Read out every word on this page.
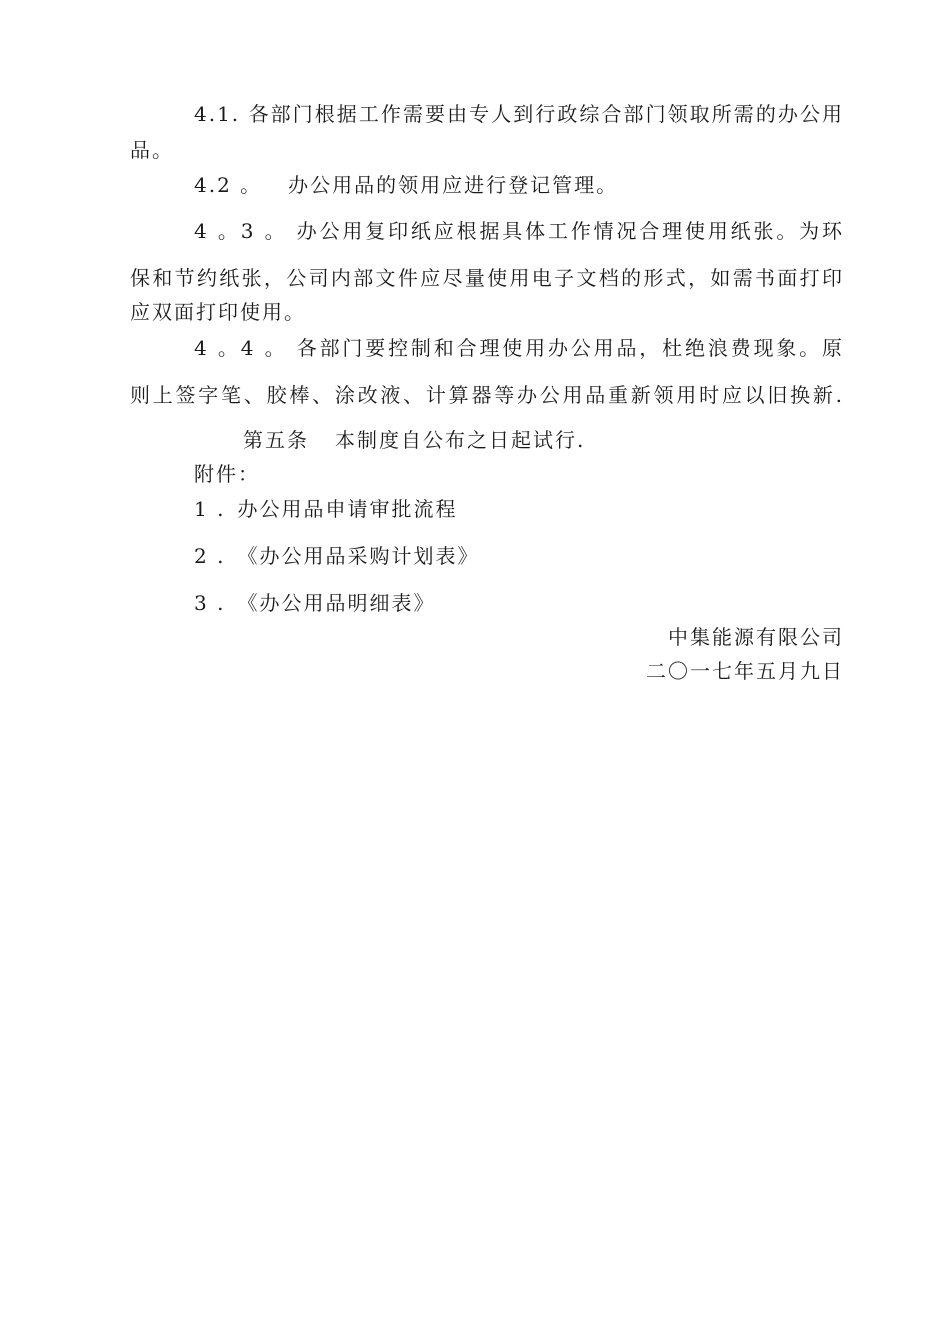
4.1. 各部门根据工作需要由专人到行政综合部门领取所需的办公用
品。
4.2 。 办公用品的领用应进行登记管理。
4 。3 。 办公用复印纸应根据具体工作情况合理使用纸张。为环
保和节约纸张，公司内部文件应尽量使用电子文档的形式，如需书面打印
应双面打印使用。
4 。4 。 各部门要控制和合理使用办公用品，杜绝浪费现象。原
则上签字笔、胶棒、涂改液、计算器等办公用品重新领用时应以旧换新.
第五条 本制度自公布之日起试行.
附件：
1 . 办公用品申请审批流程
2 . 《办公用品采购计划表》
3 . 《办公用品明细表》
中集能源有限公司
二〇一七年五月九日
